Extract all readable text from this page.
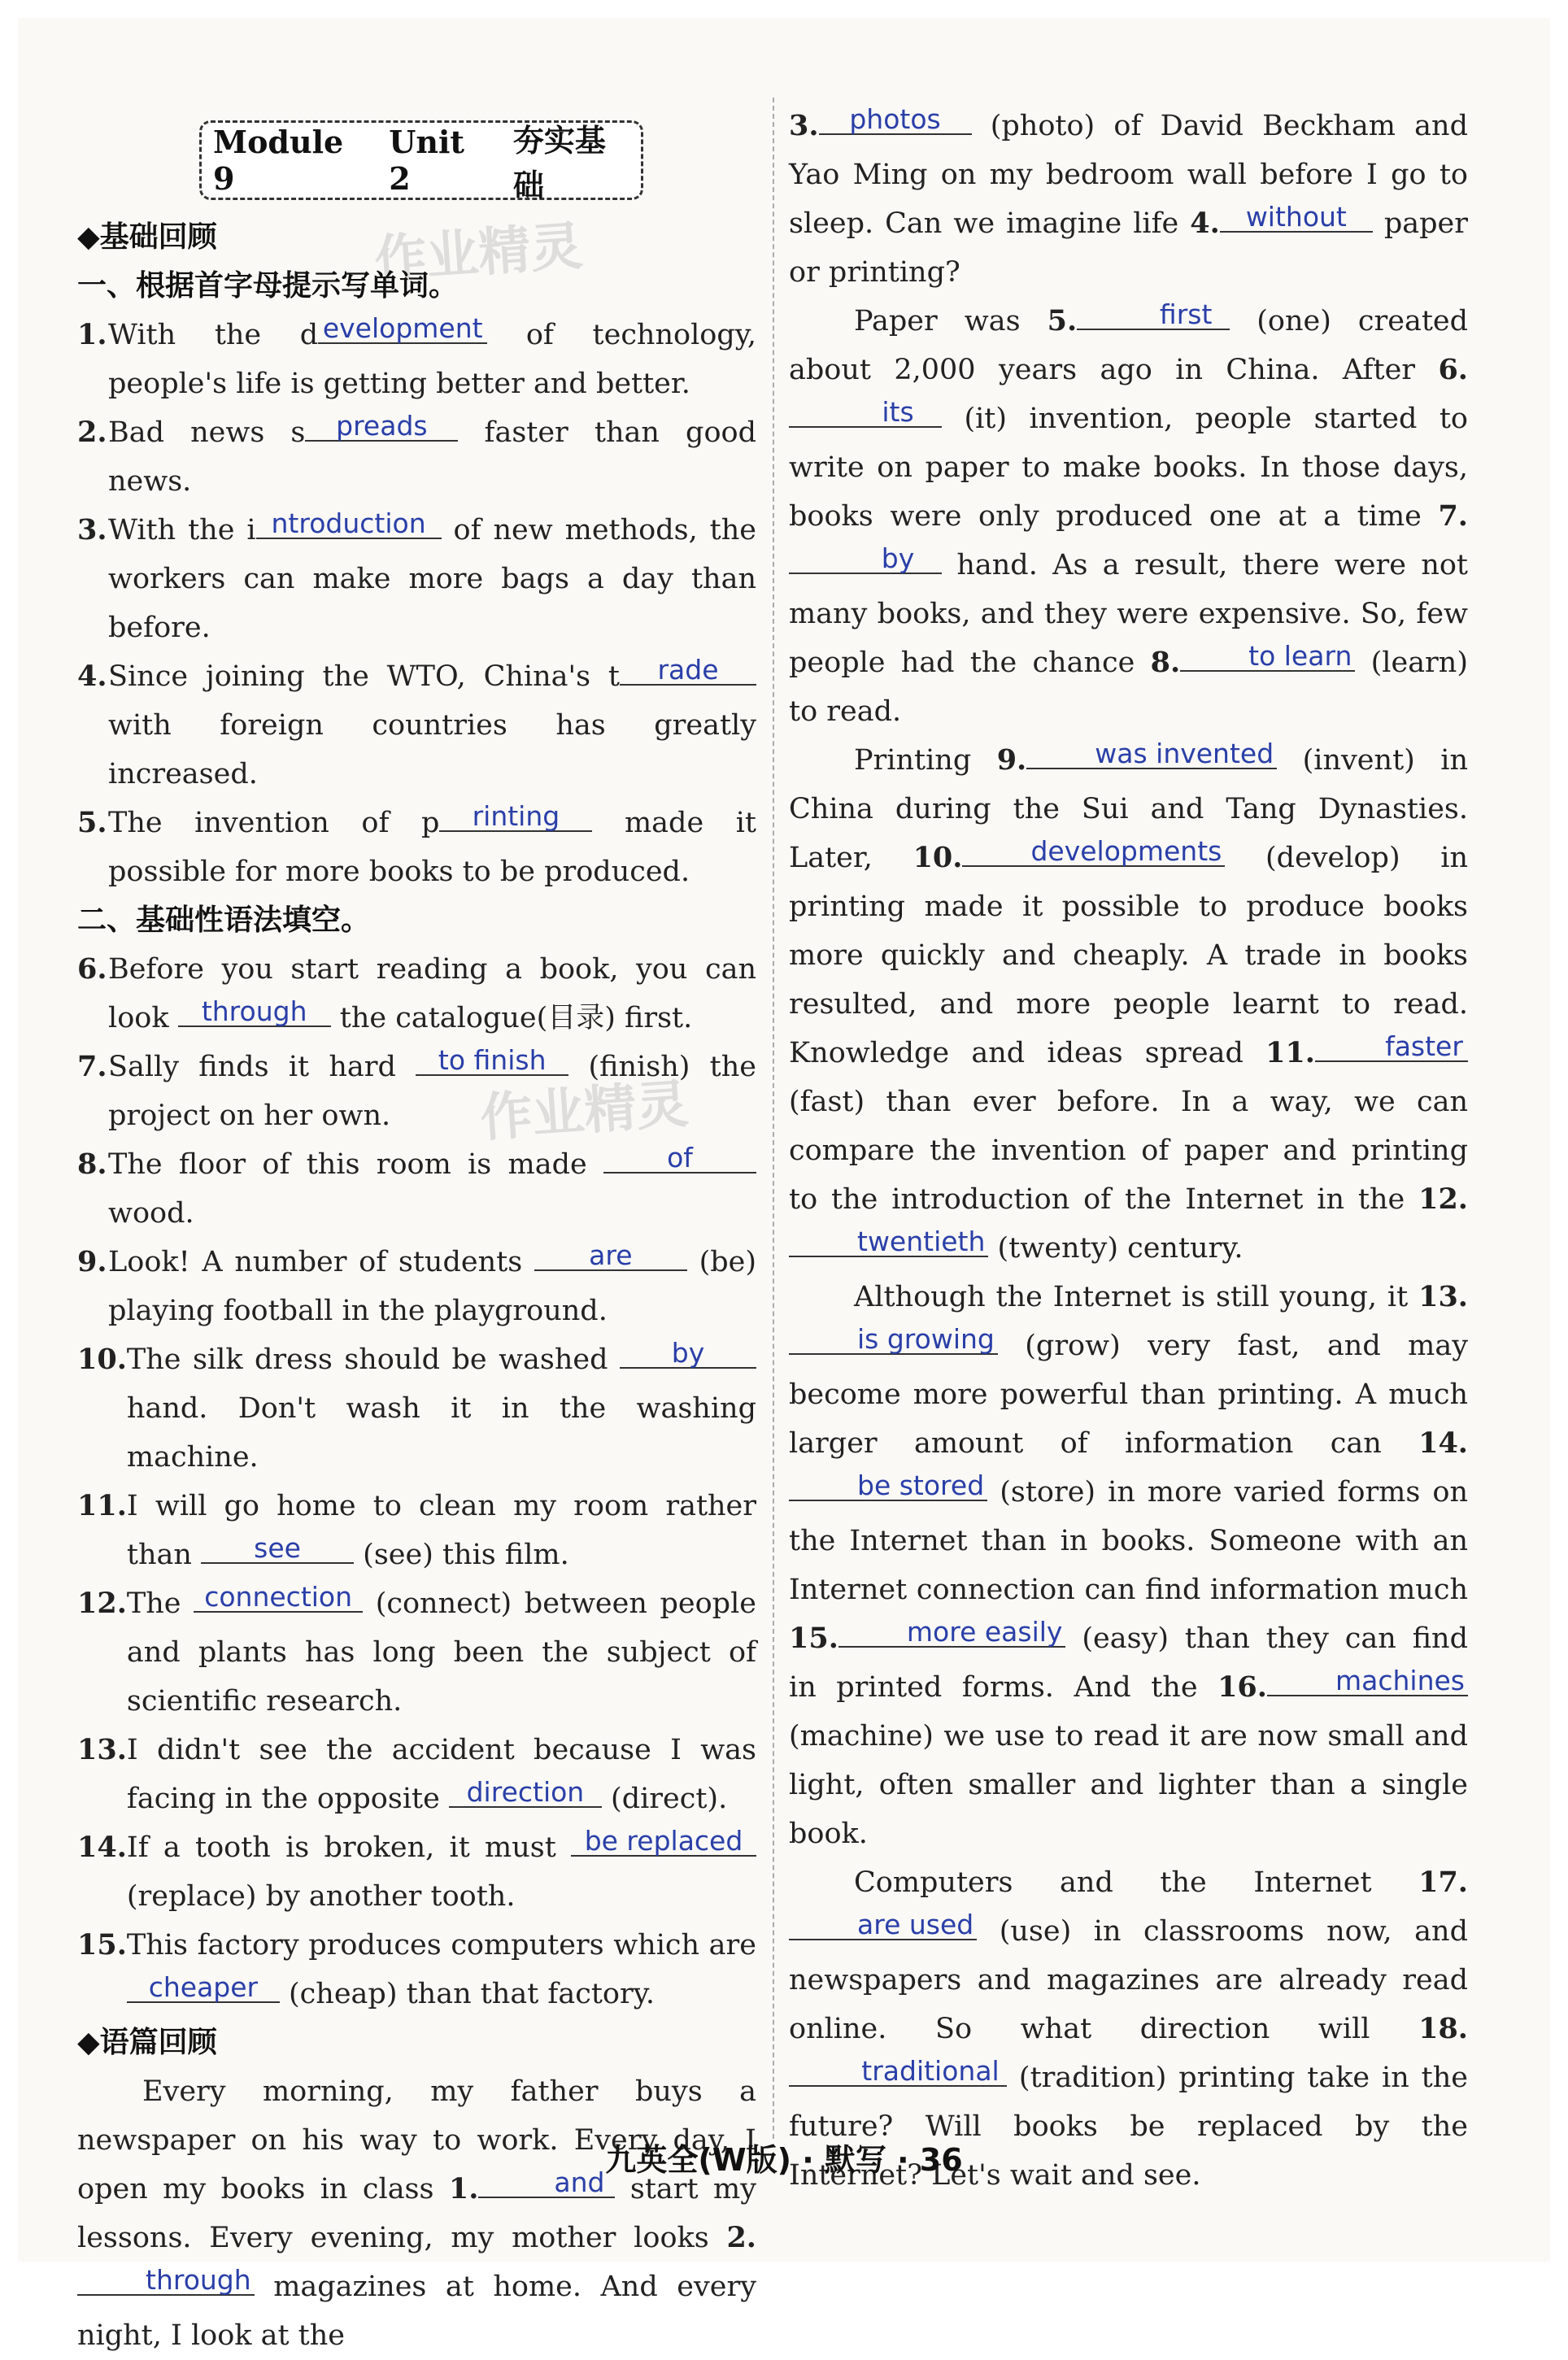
Module 9
Unit 2
夯实基础
作业精灵
作业精灵

◆基础回顾

一、根据首字母提示写单词。

1. With the d evelopment of technology, people's life is getting better and better.
2. Bad news s preads faster than good news.
3. With the i ntroduction of new methods, the workers can make more bags a day than before.
4. Since joining the WTO, China's t rade with foreign countries has greatly increased.
5. The invention of p rinting made it possible for more books to be produced.

二、基础性语法填空。

6. Before you start reading a book, you can look through the catalogue(目录) first.
7. Sally finds it hard to finish (finish) the project on her own.
8. The floor of this room is made of wood.
9. Look! A number of students are (be) playing football in the playground.
10. The silk dress should be washed by hand. Don't wash it in the washing machine.
11. I will go home to clean my room rather than see (see) this film.
12. The connection (connect) between people and plants has long been the subject of scientific research.
13. I didn't see the accident because I was facing in the opposite direction (direct).
14. If a tooth is broken, it must be replaced (replace) by another tooth.
15. This factory produces computers which are cheaper (cheap) than that factory.

◆语篇回顾

Every morning, my father buys a newspaper on his way to work. Every day, I open my books in class 1.	and start my lessons. Every evening, my mother looks 2.through magazines at home. And every night, I look at the

3. photos (photo) of David Beckham and Yao Ming on my bedroom wall before I go to sleep. Can we imagine life 4. without paper or printing?

Paper was 5.	first (one) created about 2,000 years ago in China. After 6.its (it) invention, people started to write on paper to make books. In those days, books were only produced one at a time 7.by hand. As a result, there were not many books, and they were expensive. So, few people had the chance 8.	to learn (learn) to read.

Printing 9.	was invented (invent) in China during the Sui and Tang Dynasties. Later, 10.	developments (develop) in printing made it possible to produce books more quickly and cheaply. A trade in books resulted, and more people learnt to read. Knowledge and ideas spread 11.	faster (fast) than ever before. In a way, we can compare the invention of paper and printing to the introduction of the Internet in the 12.twentieth (twenty) century.

Although the Internet is still young, it 13.is growing (grow) very fast, and may become more powerful than printing. A much larger amount of information can 14.be stored (store) in more varied forms on the Internet than in books. Someone with an Internet connection can find information much 15.	more easily (easy) than they can find in printed forms. And the 16.	machines (machine) we use to read it are now small and light, often smaller and lighter than a single book.

Computers and the Internet 17.are used (use) in classrooms now, and newspapers and magazines are already read online. So what direction will 18.traditional (tradition) printing take in the future? Will books be replaced by the Internet? Let's wait and see.

九英全(W版) · 默写 · 36
